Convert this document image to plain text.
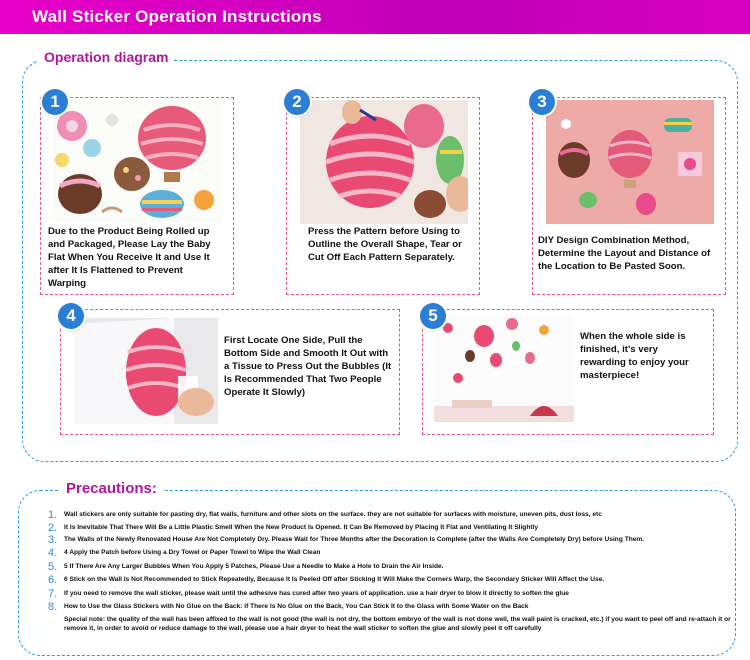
Wall Sticker Operation Instructions
Operation diagram
1
Due to the Product Being Rolled up and Packaged, Please Lay the Baby Flat When You Receive It and Use It after It Is Flattened to Prevent Warping
2
Press the Pattern before Using to Outline the Overall Shape, Tear or Cut Off Each Pattern Separately.
3
DIY Design Combination Method, Determine the Layout and Distance of the Location to Be Pasted Soon.
4
First Locate One Side, Pull the Bottom Side and Smooth It Out with a Tissue to Press Out the Bubbles (It Is Recommended That Two People Operate It Slowly)
5
When the whole side is finished, it's very rewarding to enjoy your masterpiece!
Precautions:
1. Wall stickers are only suitable for pasting dry, flat walls, furniture and other slots on the surface. they are not suitable for surfaces with moisture, uneven pits, dust loss, etc
2. It Is Inevitable That There Will Be a Little Plastic Smell When the New Product Is Opened. It Can Be Removed by Placing It Flat and Ventilating It Slightly
3. The Walls of the Newly Renovated House Are Not Completely Dry. Please Wait for Three Months after the Decoration Is Complete (after the Walls Are Completely Dry) before Using Them.
4. 4 Apply the Patch before Using a Dry Towel or Paper Towel to Wipe the Wall Clean
5. 5 If There Are Any Larger Bubbles When You Apply 5 Patches, Please Use a Needle to Make a Hole to Drain the Air Inside.
6. 6 Stick on the Wall Is Not Recommended to Stick Repeatedly, Because It Is Peeled Off after Sticking It Will Make the Corners Warp, the Secondary Sticker Will Affect the Use.
7. If you need to remove the wall sticker, please wait until the adhesive has cured after two years of application. use a hair dryer to blow it directly to soften the glue
8. How to Use the Glass Stickers with No Glue on the Back: if There Is No Glue on the Back, You Can Stick It to the Glass with Some Water on the Back
Special note: the quality of the wall has been affixed to the wall is not good (the wall is not dry, the bottom embryo of the wall is not done well, the wall paint is cracked, etc.) if you want to peel off and re-attach it or remove it, in order to avoid or reduce damage to the wall, please use a hair dryer to heat the wall sticker to soften the glue and slowly peel it off carefully
